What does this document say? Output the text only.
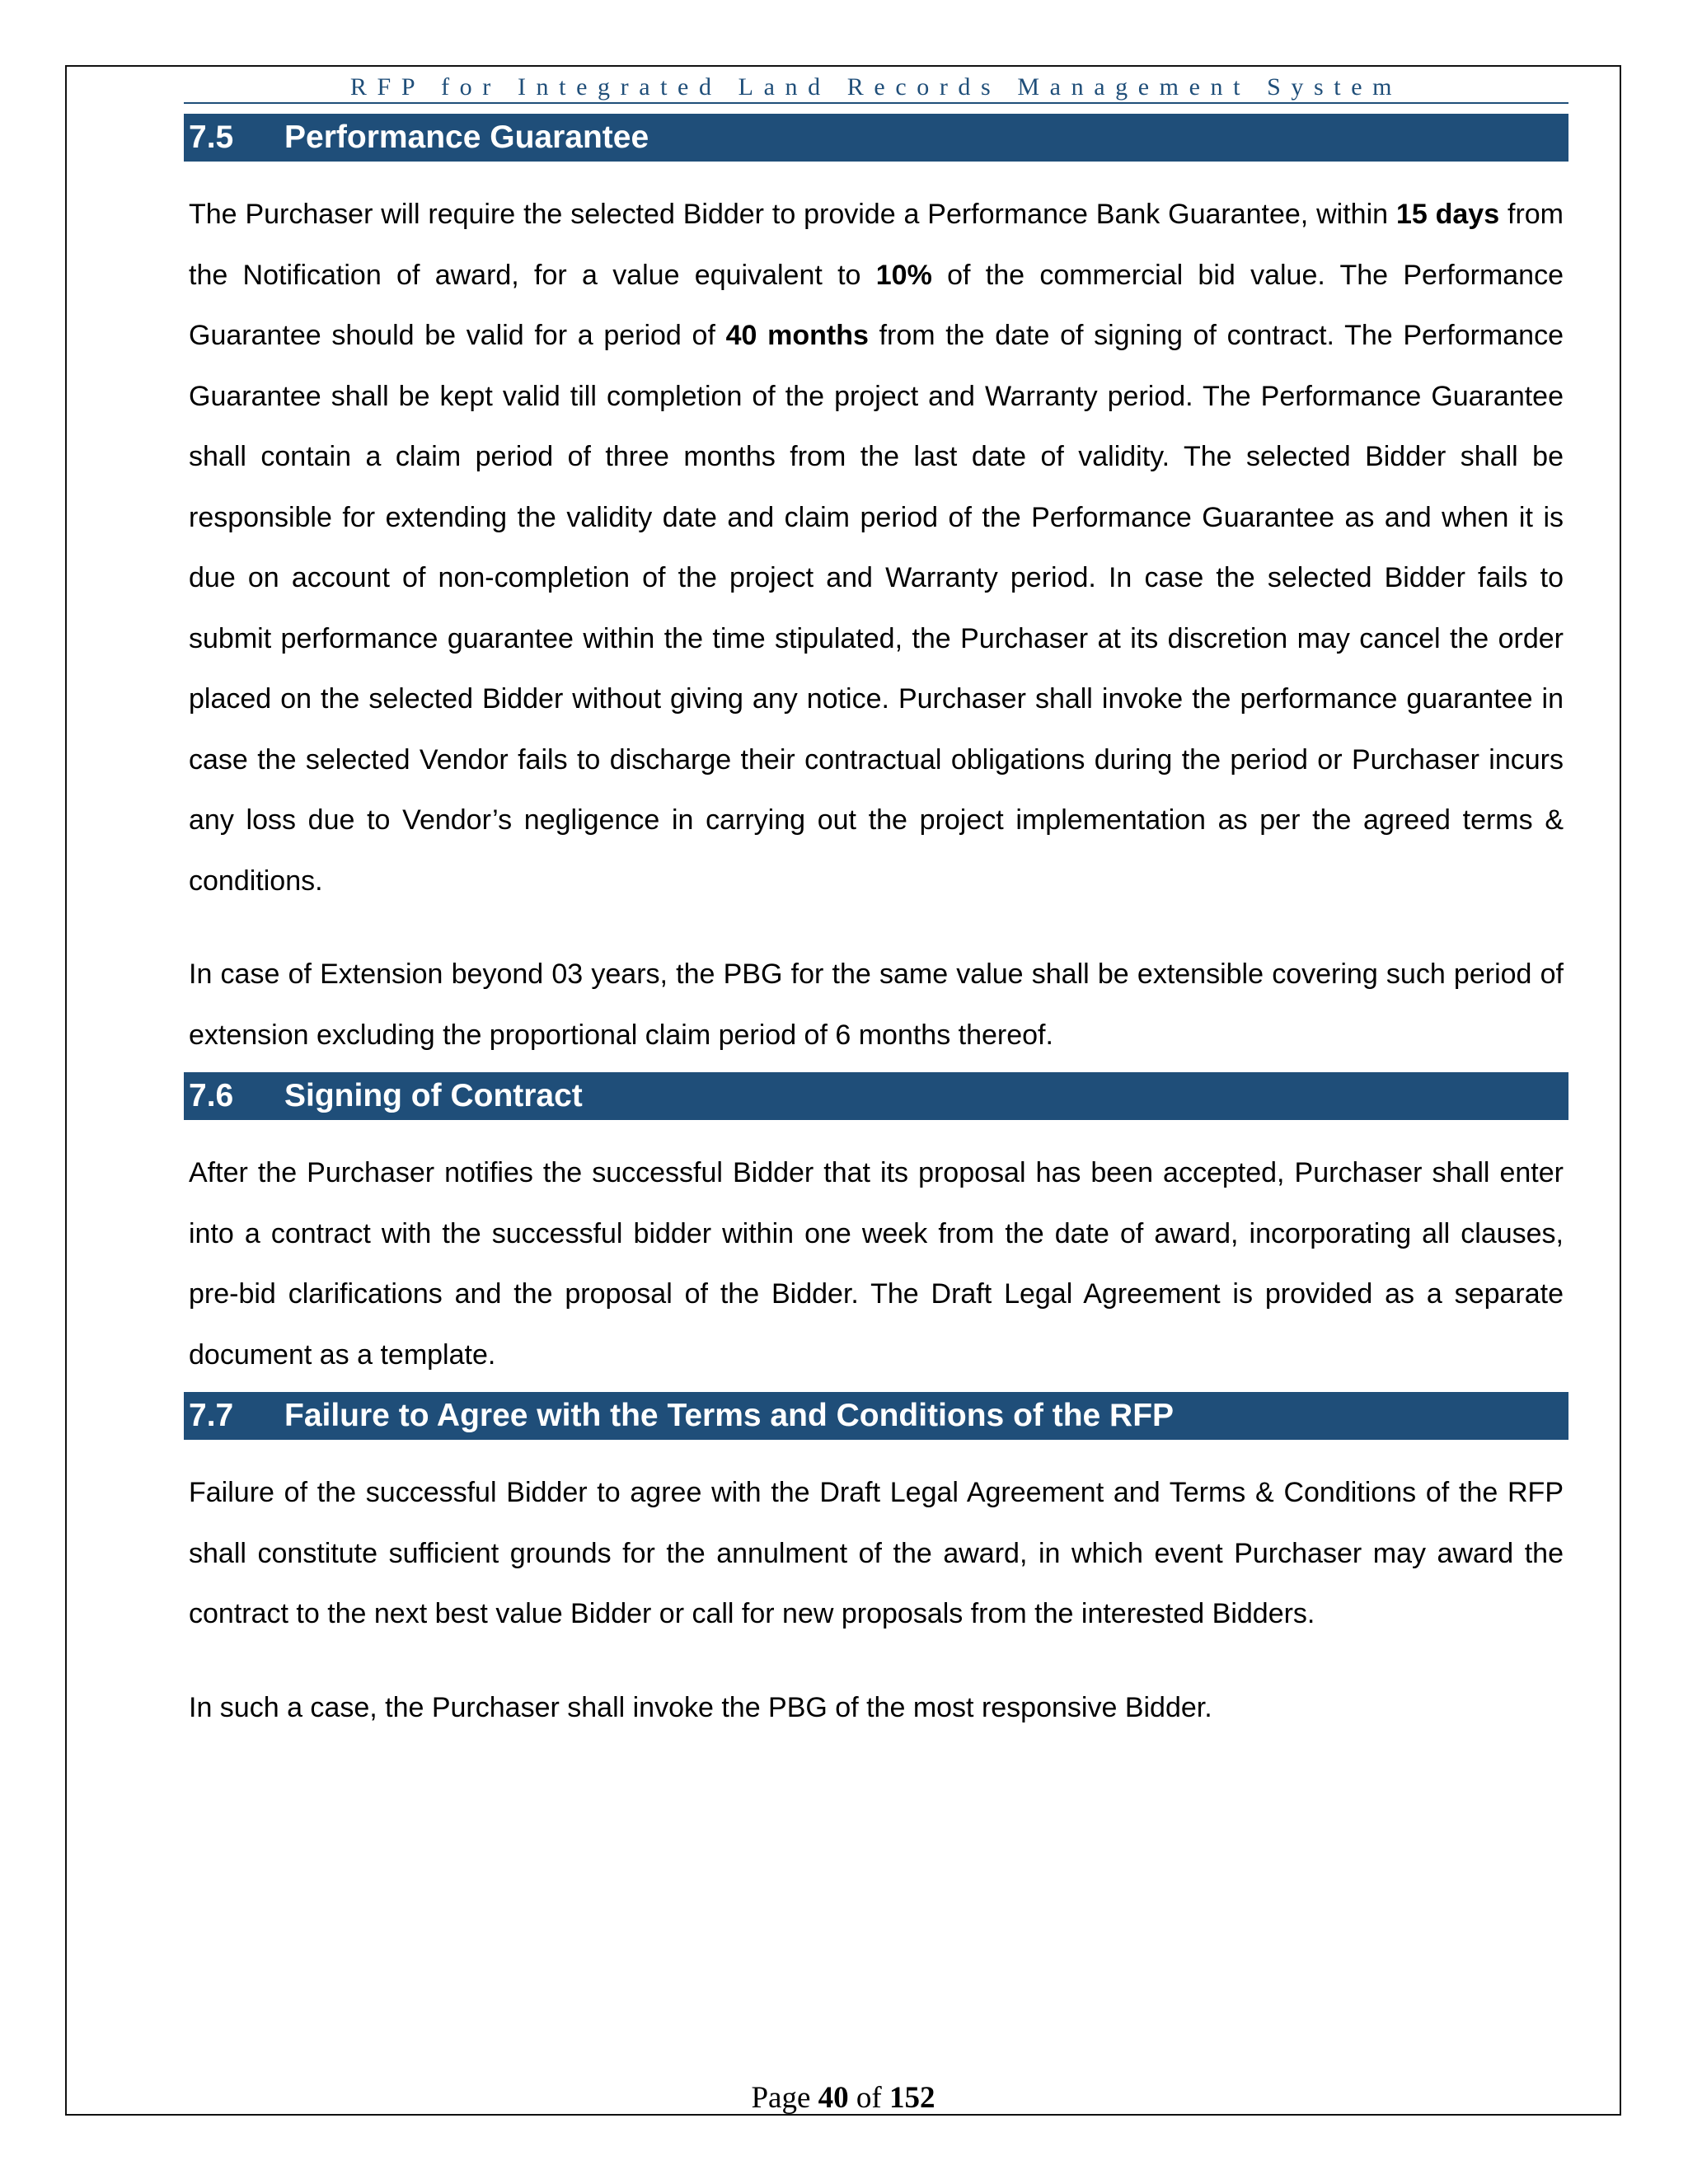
RFP for Integrated Land Records Management System
7.5 Performance Guarantee

The Purchaser will require the selected Bidder to provide a Performance Bank Guarantee, within 15 days from the Notification of award, for a value equivalent to 10% of the commercial bid value. The Performance Guarantee should be valid for a period of 40 months from the date of signing of contract. The Performance Guarantee shall be kept valid till completion of the project and Warranty period. The Performance Guarantee shall contain a claim period of three months from the last date of validity. The selected Bidder shall be responsible for extending the validity date and claim period of the Performance Guarantee as and when it is due on account of non-completion of the project and Warranty period. In case the selected Bidder fails to submit performance guarantee within the time stipulated, the Purchaser at its discretion may cancel the order placed on the selected Bidder without giving any notice. Purchaser shall invoke the performance guarantee in case the selected Vendor fails to discharge their contractual obligations during the period or Purchaser incurs any loss due to Vendor’s negligence in carrying out the project implementation as per the agreed terms & conditions.

In case of Extension beyond 03 years, the PBG for the same value shall be extensible covering such period of extension excluding the proportional claim period of 6 months thereof.

7.6 Signing of Contract

After the Purchaser notifies the successful Bidder that its proposal has been accepted, Purchaser shall enter into a contract with the successful bidder within one week from the date of award, incorporating all clauses, pre-bid clarifications and the proposal of the Bidder. The Draft Legal Agreement is provided as a separate document as a template.

7.7 Failure to Agree with the Terms and Conditions of the RFP

Failure of the successful Bidder to agree with the Draft Legal Agreement and Terms & Conditions of the RFP shall constitute sufficient grounds for the annulment of the award, in which event Purchaser may award the contract to the next best value Bidder or call for new proposals from the interested Bidders.

In such a case, the Purchaser shall invoke the PBG of the most responsive Bidder.

Page 40 of 152
